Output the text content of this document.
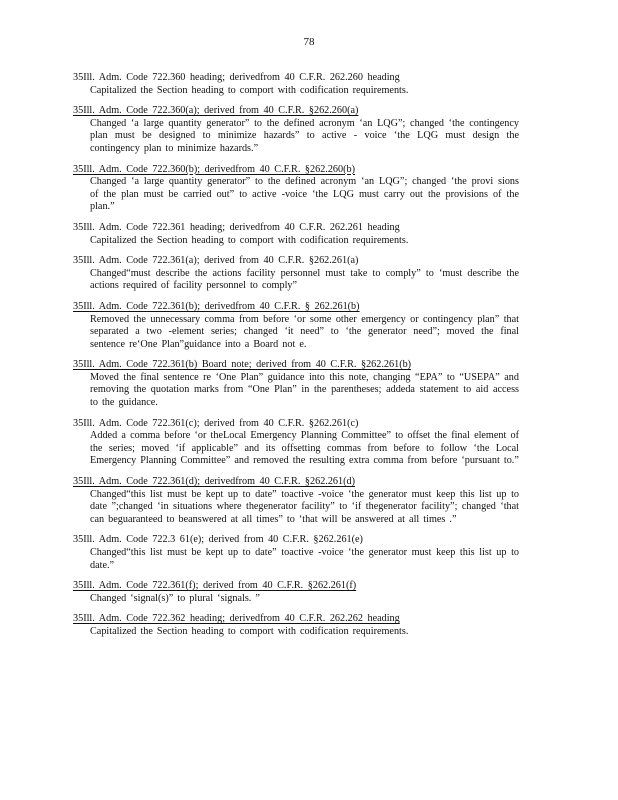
78
35Ill. Adm. Code 722.360 heading; derivedfrom 40 C.F.R. 262.260 heading
Capitalized the Section heading to comport with codification requirements.
35Ill. Adm. Code 722.360(a); derived from 40 C.F.R. §262.260(a)
Changed ‘a large quantity generator” to the defined acronym ‘an LQG”; changed ‘the contingency plan must be designed to minimize hazards” to active - voice ‘the LQG must design the contingency plan to minimize hazards.”
35Ill. Adm. Code 722.360(b); derivedfrom 40 C.F.R. §262.260(b)
Changed ‘a large quantity generator” to the defined acronym ‘an LQG”; changed ‘the provi sions of the plan must be carried out” to active -voice ‘the LQG must carry out the provisions of the plan.”
35Ill. Adm. Code 722.361 heading; derivedfrom 40 C.F.R. 262.261 heading
Capitalized the Section heading to comport with codification requirements.
35Ill. Adm. Code 722.361(a); derived from 40 C.F.R. §262.261(a)
Changed“must describe the actions facility personnel must take to comply” to ‘must describe the actions required of facility personnel to comply”
35Ill. Adm. Code 722.361(b); derivedfrom 40 C.F.R. § 262.261(b)
Removed the unnecessary comma from before ‘or some other emergency or contingency plan” that separated a two -element series; changed ‘it need” to ‘the generator need”; moved the final sentence re‘One Plan”guidance into a Board not e.
35Ill. Adm. Code 722.361(b) Board note; derived from 40 C.F.R. §262.261(b)
Moved the final sentence re ‘One Plan” guidance into this note, changing “EPA” to “USEPA” and removing the quotation marks from “One Plan” in the parentheses; addeda statement to aid access to the guidance.
35Ill. Adm. Code 722.361(c); derived from 40 C.F.R. §262.261(c)
Added a comma before ‘or theLocal Emergency Planning Committee” to offset the final element of the series; moved ‘if applicable” and its offsetting commas from before to follow ‘the Local Emergency Planning Committee” and removed the resulting extra comma from before ‘pursuant to.”
35Ill. Adm. Code 722.361(d); derivedfrom 40 C.F.R. §262.261(d)
Changed“this list must be kept up to date” toactive -voice ‘the generator must keep this list up to date ”;changed ‘in situations where thegenerator facility” to ‘if thegenerator facility”; changed ‘that can beguaranteed to beanswered at all times” to ‘that will be answered at all times .”
35Ill. Adm. Code 722.3 61(e); derived from 40 C.F.R. §262.261(e)
Changed“this list must be kept up to date” toactive -voice ‘the generator must keep this list up to date.”
35Ill. Adm. Code 722.361(f); derived from 40 C.F.R. §262.261(f)
Changed ‘signal(s)” to plural ‘signals. ”
35Ill. Adm. Code 722.362 heading; derivedfrom 40 C.F.R. 262.262 heading
Capitalized the Section heading to comport with codification requirements.
